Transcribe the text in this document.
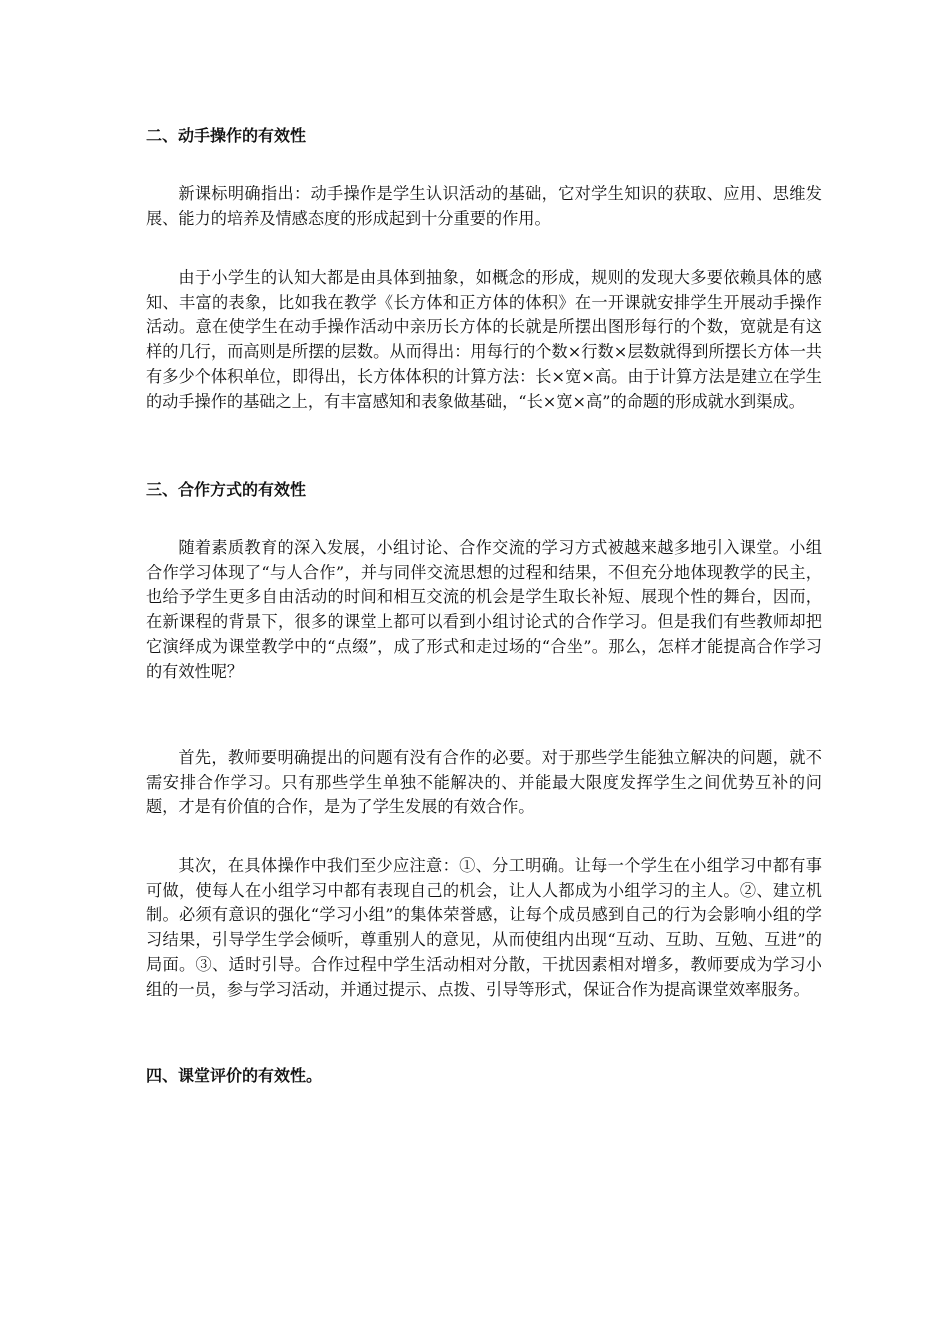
二、动手操作的有效性

新课标明确指出：动手操作是学生认识活动的基础，它对学生知识的获取、应用、思维发展、能力的培养及情感态度的形成起到十分重要的作用。

由于小学生的认知大都是由具体到抽象，如概念的形成，规则的发现大多要依赖具体的感知、丰富的表象，比如我在教学《长方体和正方体的体积》在一开课就安排学生开展动手操作活动。意在使学生在动手操作活动中亲历长方体的长就是所摆出图形每行的个数，宽就是有这样的几行，而高则是所摆的层数。从而得出：用每行的个数×行数×层数就得到所摆长方体一共有多少个体积单位，即得出，长方体体积的计算方法：长×宽×高。由于计算方法是建立在学生的动手操作的基础之上，有丰富感知和表象做基础，“长×宽×高”的命题的形成就水到渠成。

三、合作方式的有效性

随着素质教育的深入发展，小组讨论、合作交流的学习方式被越来越多地引入课堂。小组合作学习体现了“与人合作”，并与同伴交流思想的过程和结果，不但充分地体现教学的民主，也给予学生更多自由活动的时间和相互交流的机会是学生取长补短、展现个性的舞台，因而，在新课程的背景下，很多的课堂上都可以看到小组讨论式的合作学习。但是我们有些教师却把它演绎成为课堂教学中的“点缀”，成了形式和走过场的“合坐”。那么，怎样才能提高合作学习的有效性呢？

首先，教师要明确提出的问题有没有合作的必要。对于那些学生能独立解决的问题，就不需安排合作学习。只有那些学生单独不能解决的、并能最大限度发挥学生之间优势互补的问题，才是有价值的合作，是为了学生发展的有效合作。

其次，在具体操作中我们至少应注意：①、分工明确。让每一个学生在小组学习中都有事可做，使每人在小组学习中都有表现自己的机会，让人人都成为小组学习的主人。②、建立机制。必须有意识的强化“学习小组”的集体荣誉感，让每个成员感到自己的行为会影响小组的学习结果，引导学生学会倾听，尊重别人的意见，从而使组内出现“互动、互助、互勉、互进”的局面。③、适时引导。合作过程中学生活动相对分散，干扰因素相对增多，教师要成为学习小组的一员，参与学习活动，并通过提示、点拨、引导等形式，保证合作为提高课堂效率服务。

四、课堂评价的有效性。
